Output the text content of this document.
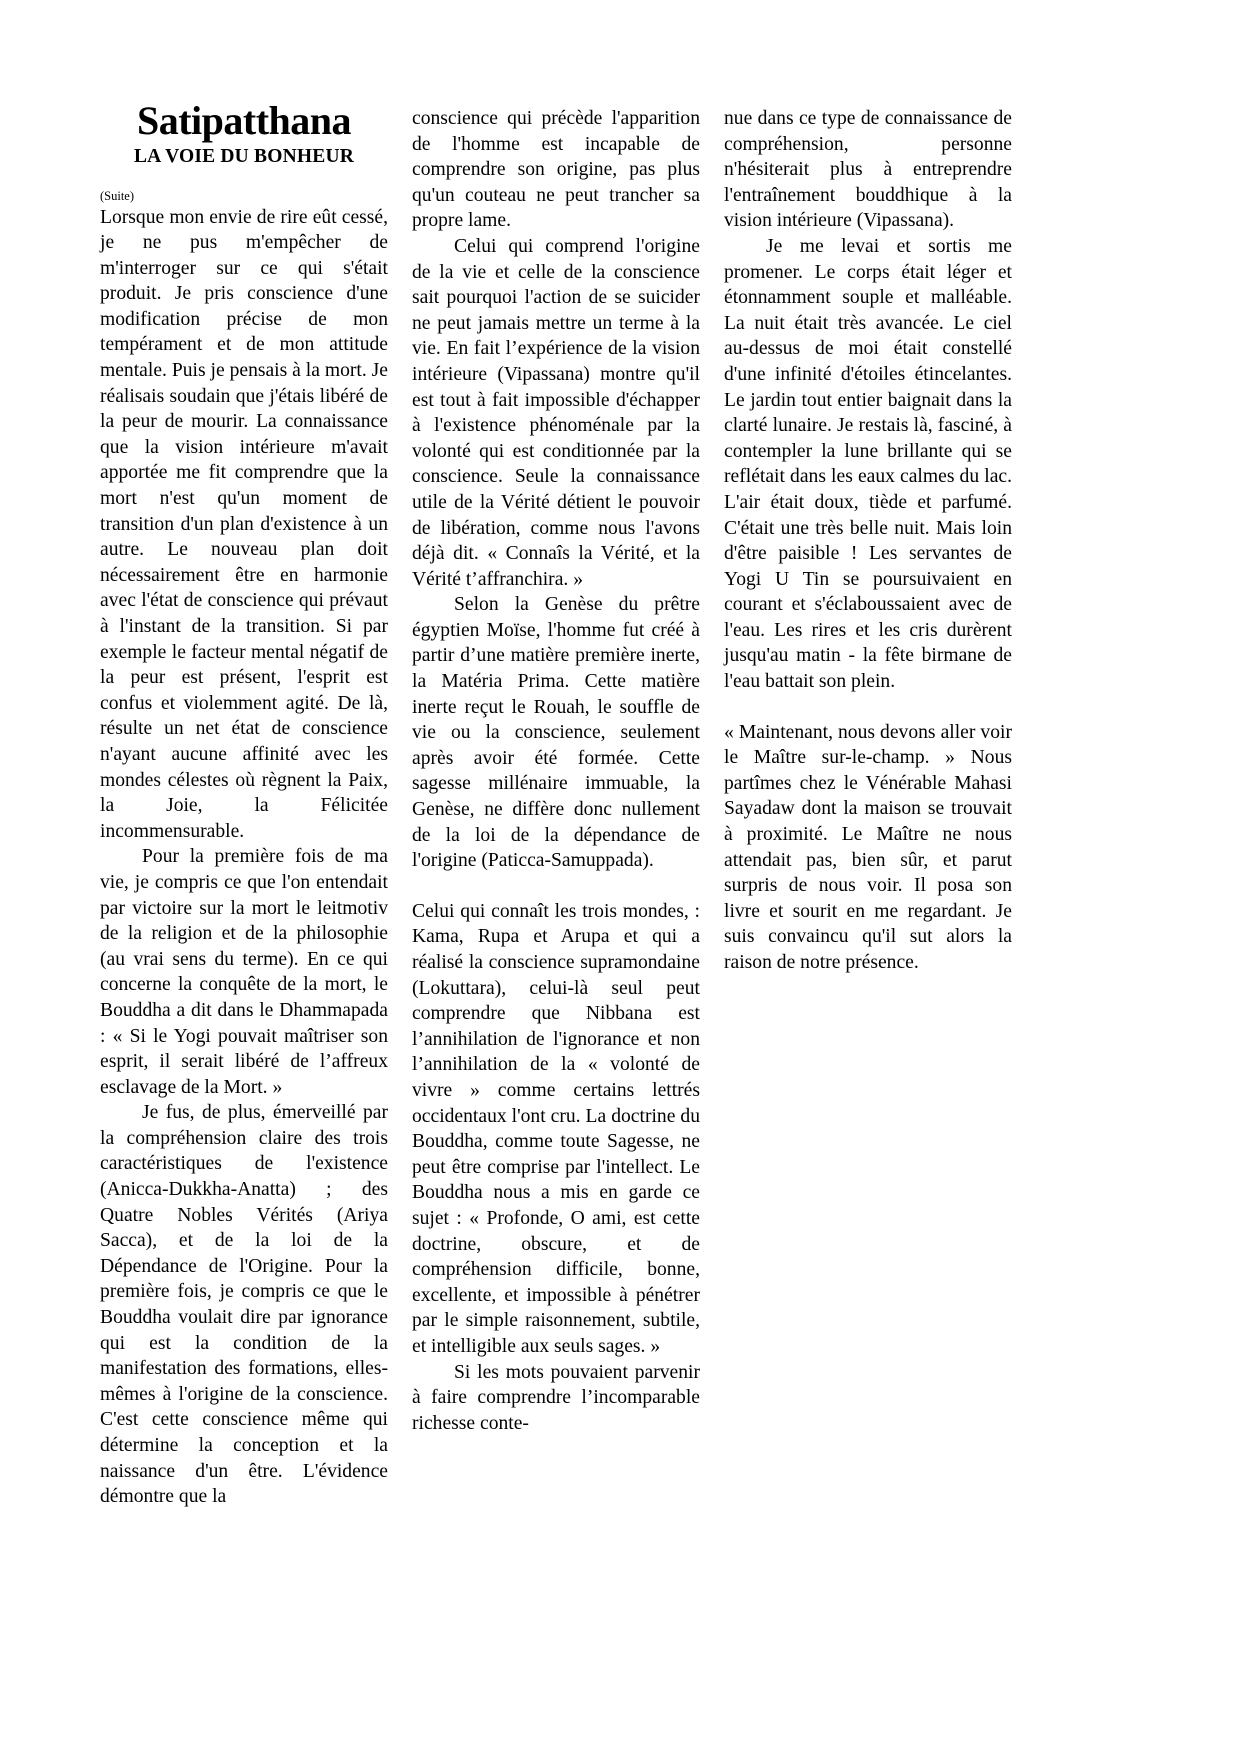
Satipatthana
LA VOIE DU BONHEUR
(Suite)

Lorsque mon envie de rire eût cessé, je ne pus m'empêcher de m'interroger sur ce qui s'était produit. Je pris conscience d'une modification précise de mon tempérament et de mon attitude mentale. Puis je pensais à la mort. Je réalisais soudain que j'étais libéré de la peur de mourir. La connaissance que la vision intérieure m'avait apportée me fit comprendre que la mort n'est qu'un moment de transition d'un plan d'existence à un autre. Le nouveau plan doit nécessairement être en harmonie avec l'état de conscience qui prévaut à l'instant de la transition. Si par exemple le facteur mental négatif de la peur est présent, l'esprit est confus et violemment agité. De là, résulte un net état de conscience n'ayant aucune affinité avec les mondes célestes où règnent la Paix, la Joie, la Félicitée incommensurable.

Pour la première fois de ma vie, je compris ce que l'on entendait par victoire sur la mort le leitmotiv de la religion et de la philosophie (au vrai sens du terme). En ce qui concerne la conquête de la mort, le Bouddha a dit dans le Dhammapada : « Si le Yogi pouvait maîtriser son esprit, il serait libéré de l’affreux esclavage de la Mort. »

Je fus, de plus, émerveillé par la compréhension claire des trois caractéristiques de l'existence (Anicca-Dukkha-Anatta) ; des Quatre Nobles Vérités (Ariya Sacca), et de la loi de la Dépendance de l'Origine. Pour la première fois, je compris ce que le Bouddha voulait dire par ignorance qui est la condition de la manifestation des formations, elles-mêmes à l'origine de la conscience. C'est cette conscience même qui détermine la conception et la naissance d'un être. L'évidence démontre que la

conscience qui précède l'apparition de l'homme est incapable de comprendre son origine, pas plus qu'un couteau ne peut trancher sa propre lame.

Celui qui comprend l'origine de la vie et celle de la conscience sait pourquoi l'action de se suicider ne peut jamais mettre un terme à la vie. En fait l’expérience de la vision intérieure (Vipassana) montre qu'il est tout à fait impossible d'échapper à l'existence phénoménale par la volonté qui est conditionnée par la conscience. Seule la connaissance utile de la Vérité détient le pouvoir de libération, comme nous l'avons déjà dit. « Connaîs la Vérité, et la Vérité t’affranchira. »

Selon la Genèse du prêtre égyptien Moïse, l'homme fut créé à partir d’une matière première inerte, la Matéria Prima. Cette matière inerte reçut le Rouah, le souffle de vie ou la conscience, seulement après avoir été formée. Cette sagesse millénaire immuable, la Genèse, ne diffère donc nullement de la loi de la dépendance de l'origine (Paticca-Samuppada).

Celui qui connaît les trois mondes, : Kama, Rupa et Arupa et qui a réalisé la conscience supramondaine (Lokuttara), celui-là seul peut comprendre que Nibbana est l’annihilation de l'ignorance et non l’annihilation de la « volonté de vivre » comme certains lettrés occidentaux l'ont cru. La doctrine du Bouddha, comme toute Sagesse, ne peut être comprise par l'intellect. Le Bouddha nous a mis en garde ce sujet : « Profonde, O ami, est cette doctrine, obscure, et de compréhension difficile, bonne, excellente, et impossible à pénétrer par le simple raisonnement, subtile, et intelligible aux seuls sages. »

Si les mots pouvaient parvenir à faire comprendre l’incomparable richesse conte-

nue dans ce type de connaissance de compréhension, personne n'hésiterait plus à entreprendre l'entraînement bouddhique à la vision intérieure (Vipassana).

Je me levai et sortis me promener. Le corps était léger et étonnamment souple et malléable. La nuit était très avancée. Le ciel au-dessus de moi était constellé d'une infinité d'étoiles étincelantes. Le jardin tout entier baignait dans la clarté lunaire. Je restais là, fasciné, à contempler la lune brillante qui se reflétait dans les eaux calmes du lac. L'air était doux, tiède et parfumé. C'était une très belle nuit. Mais loin d'être paisible ! Les servantes de Yogi U Tin se poursuivaient en courant et s'éclaboussaient avec de l'eau. Les rires et les cris durèrent jusqu'au matin - la fête birmane de l'eau battait son plein.

« Maintenant, nous devons aller voir le Maître sur-le-champ. » Nous partîmes chez le Vénérable Mahasi Sayadaw dont la maison se trouvait à proximité. Le Maître ne nous attendait pas, bien sûr, et parut surpris de nous voir. Il posa son livre et sourit en me regardant. Je suis convaincu qu'il sut alors la raison de notre présence.
